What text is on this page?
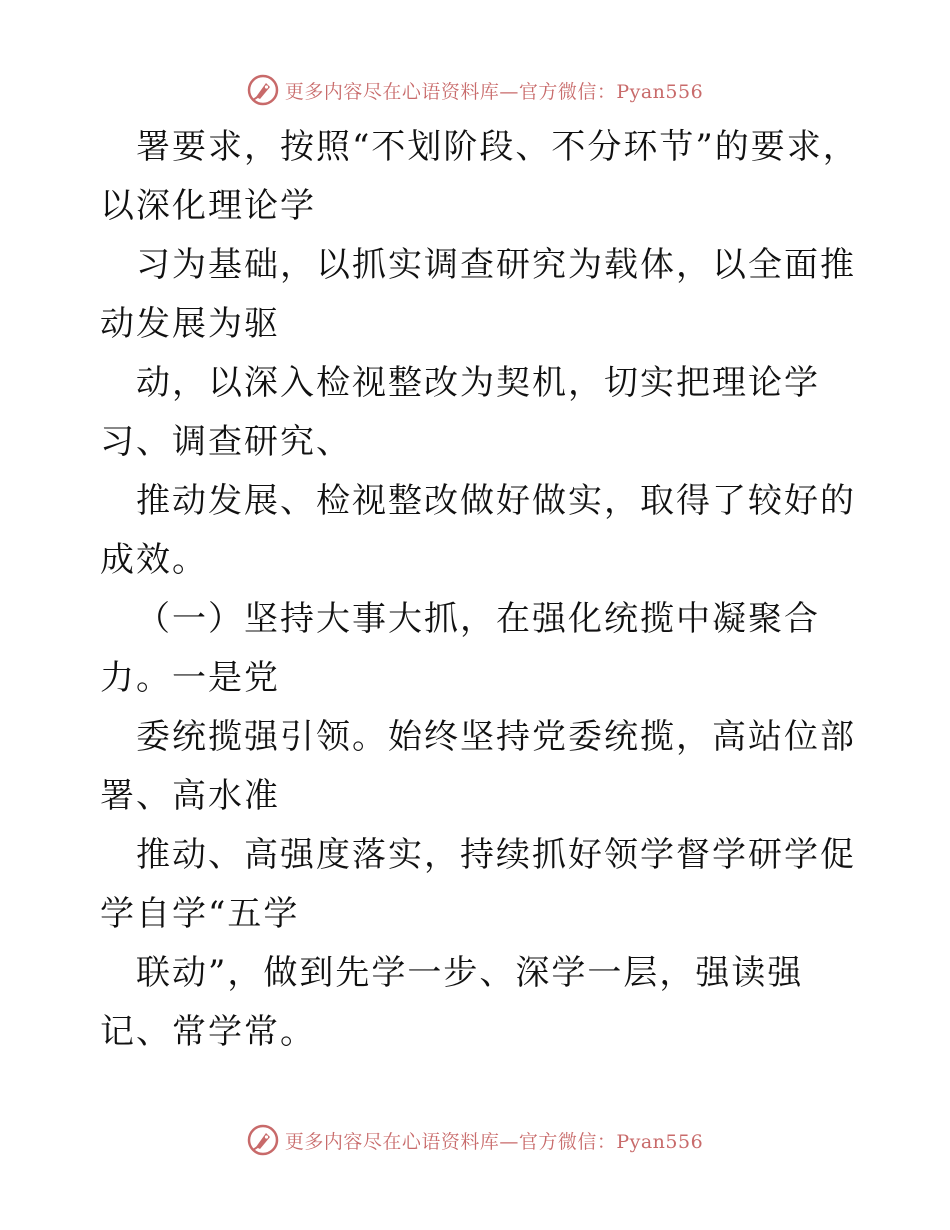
更多内容尽在心语资料库—官方微信：Pyan556

署要求，按照“不划阶段、不分环节”的要求，以深化理论学

习为基础，以抓实调查研究为载体，以全面推动发展为驱

动，以深入检视整改为契机，切实把理论学习、调查研究、

推动发展、检视整改做好做实，取得了较好的成效。

（一）坚持大事大抓，在强化统揽中凝聚合力。一是党

委统揽强引领。始终坚持党委统揽，高站位部署、高水准

推动、高强度落实，持续抓好领学督学研学促学自学“五学

联动”，做到先学一步、深学一层，强读强记、常学常。

更多内容尽在心语资料库—官方微信：Pyan556
